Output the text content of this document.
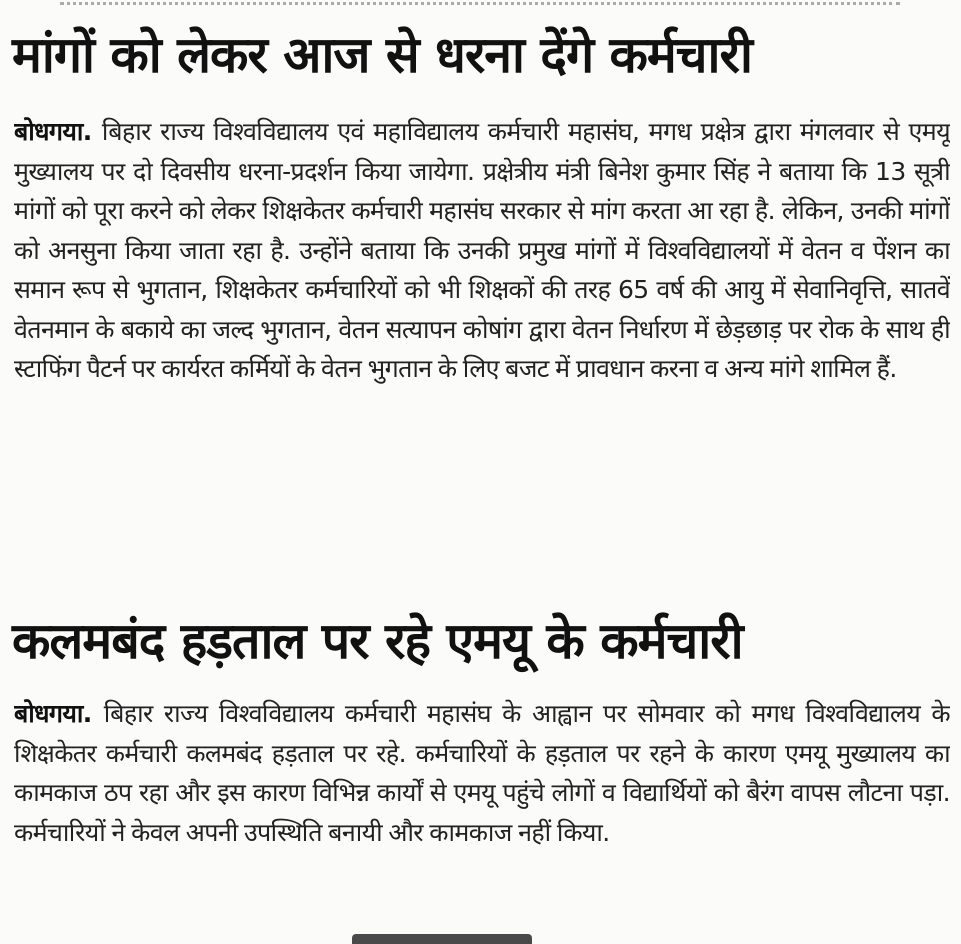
मांगों को लेकर आज से धरना देंगे कर्मचारी

बोधगया. बिहार राज्य विश्वविद्यालय एवं महाविद्यालय कर्मचारी महासंघ, मगध प्रक्षेत्र द्वारा मंगलवार से एमयू मुख्यालय पर दो दिवसीय धरना-प्रदर्शन किया जायेगा. प्रक्षेत्रीय मंत्री बिनेश कुमार सिंह ने बताया कि 13 सूत्री मांगों को पूरा करने को लेकर शिक्षकेतर कर्मचारी महासंघ सरकार से मांग करता आ रहा है. लेकिन, उनकी मांगों को अनसुना किया जाता रहा है. उन्होंने बताया कि उनकी प्रमुख मांगों में विश्वविद्यालयों में वेतन व पेंशन का समान रूप से भुगतान, शिक्षकेतर कर्मचारियों को भी शिक्षकों की तरह 65 वर्ष की आयु में सेवानिवृत्ति, सातवें वेतनमान के बकाये का जल्द भुगतान, वेतन सत्यापन कोषांग द्वारा वेतन निर्धारण में छेड़छाड़ पर रोक के साथ ही स्टाफिंग पैटर्न पर कार्यरत कर्मियों के वेतन भुगतान के लिए बजट में प्रावधान करना व अन्य मांगे शामिल हैं.

कलमबंद हड़ताल पर रहे एमयू के कर्मचारी

बोधगया. बिहार राज्य विश्वविद्यालय कर्मचारी महासंघ के आह्वान पर सोमवार को मगध विश्वविद्यालय के शिक्षकेतर कर्मचारी कलमबंद हड़ताल पर रहे. कर्मचारियों के हड़ताल पर रहने के कारण एमयू मुख्यालय का कामकाज ठप रहा और इस कारण विभिन्न कार्यों से एमयू पहुंचे लोगों व विद्यार्थियों को बैरंग वापस लौटना पड़ा. कर्मचारियों ने केवल अपनी उपस्थिति बनायी और कामकाज नहीं किया.
